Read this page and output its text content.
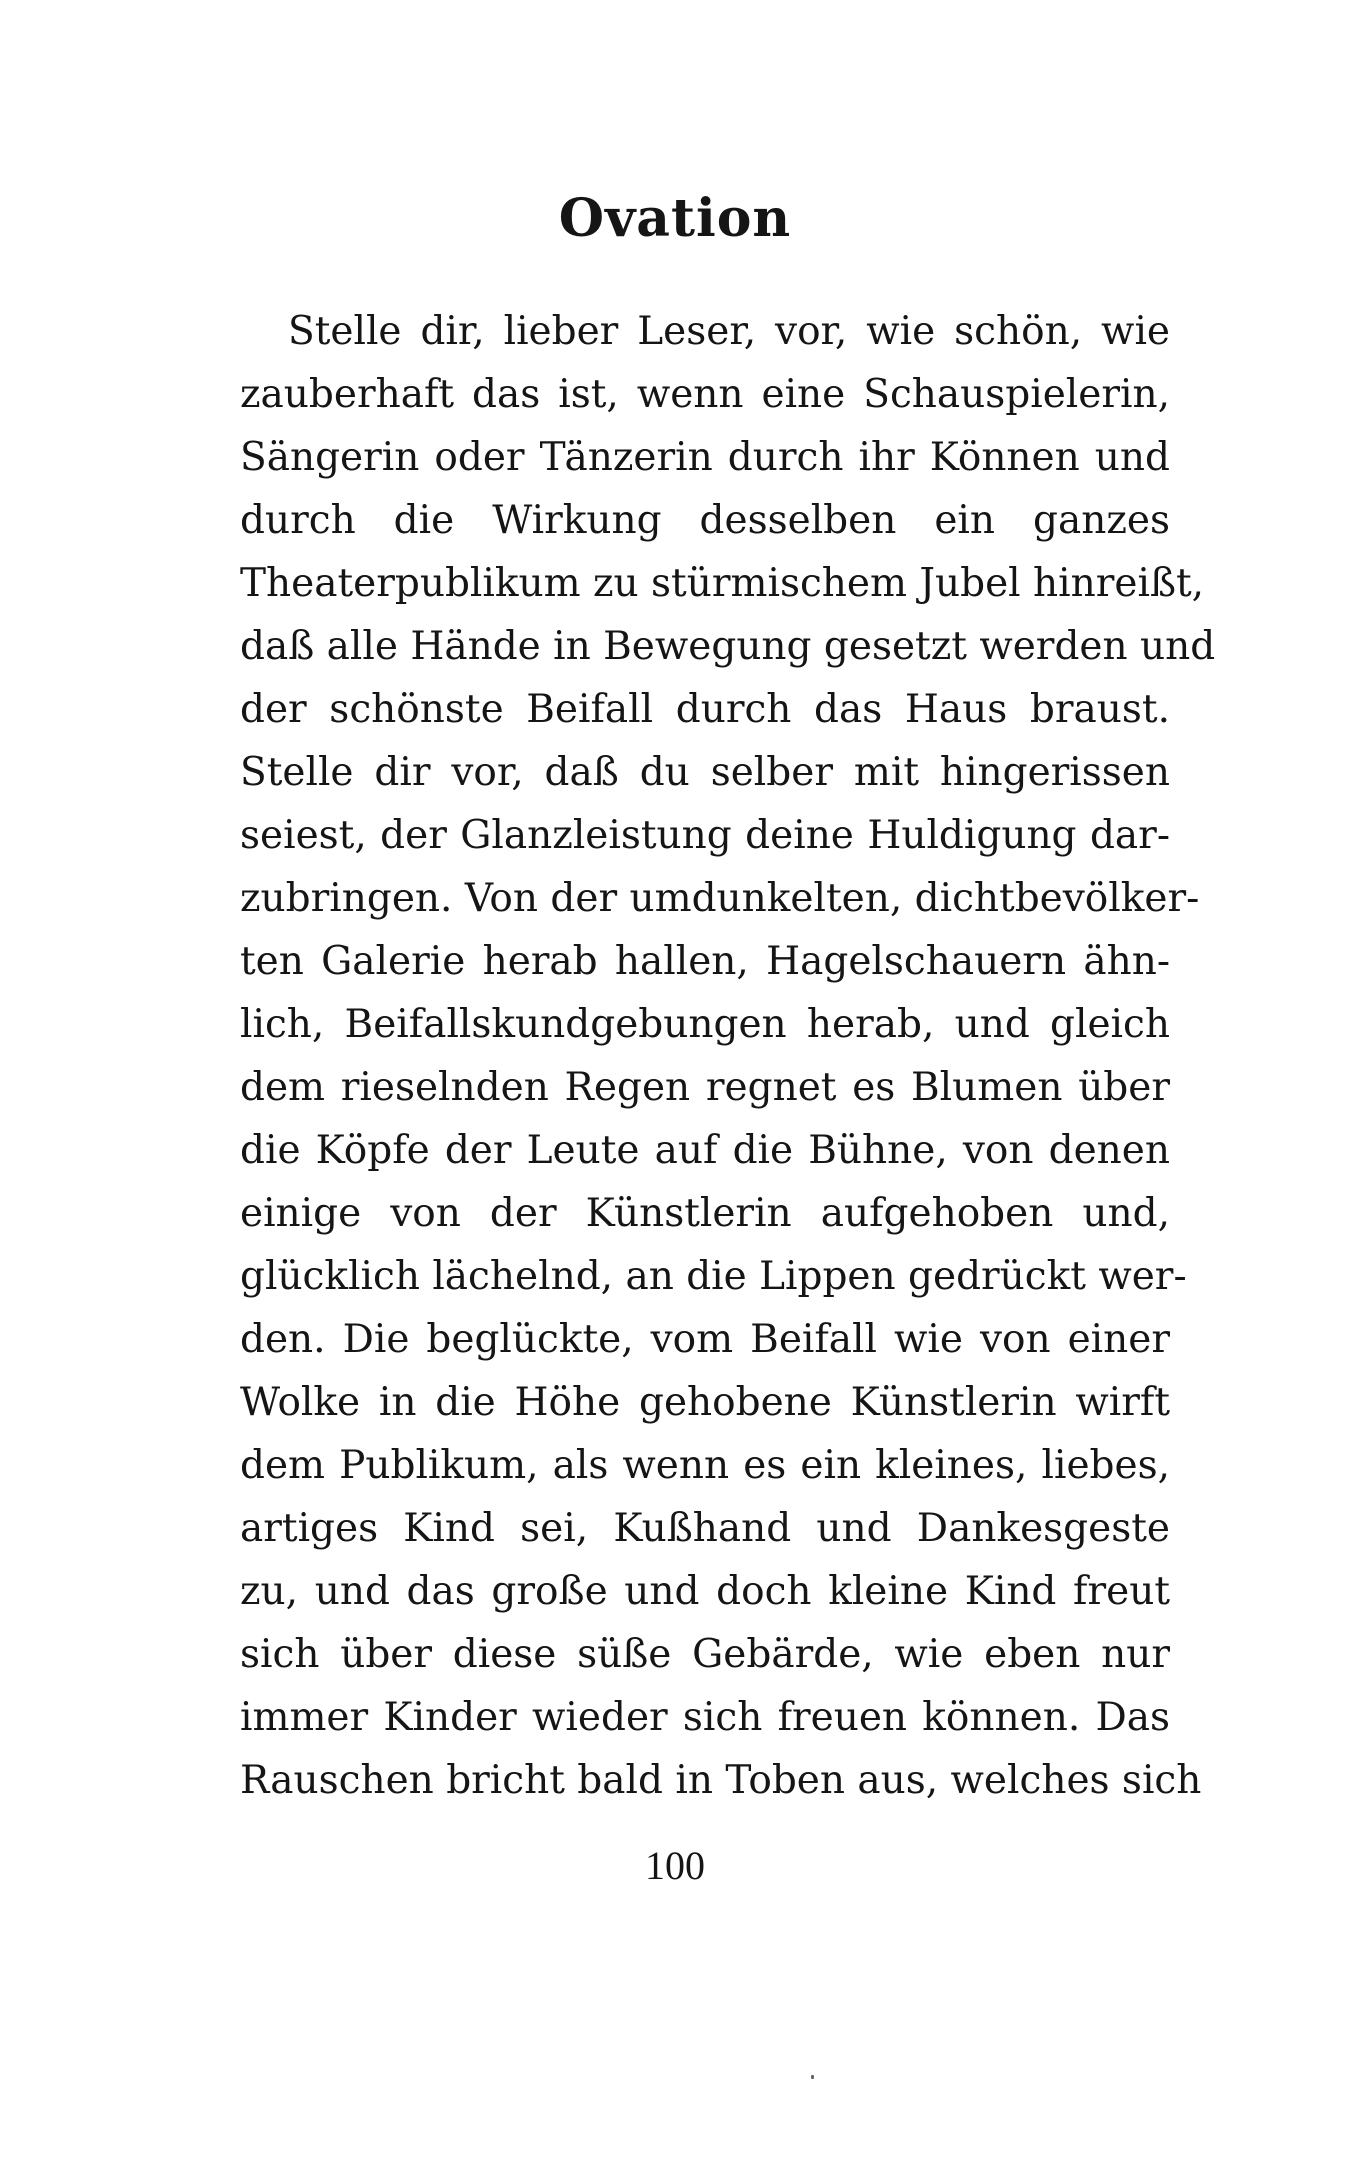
Ovation
Stelle dir, lieber Leser, vor, wie schön, wie
zauberhaft das ist, wenn eine Schauspielerin,
Sängerin oder Tänzerin durch ihr Können und
durch die Wirkung desselben ein ganzes
Theaterpublikum zu stürmischem Jubel hinreißt,
daß alle Hände in Bewegung gesetzt werden und
der schönste Beifall durch das Haus braust.
Stelle dir vor, daß du selber mit hingerissen
seiest, der Glanzleistung deine Huldigung dar-
zubringen. Von der umdunkelten, dichtbevölker-
ten Galerie herab hallen, Hagelschauern ähn-
lich, Beifallskundgebungen herab, und gleich
dem rieselnden Regen regnet es Blumen über
die Köpfe der Leute auf die Bühne, von denen
einige von der Künstlerin aufgehoben und,
glücklich lächelnd, an die Lippen gedrückt wer-
den. Die beglückte, vom Beifall wie von einer
Wolke in die Höhe gehobene Künstlerin wirft
dem Publikum, als wenn es ein kleines, liebes,
artiges Kind sei, Kußhand und Dankesgeste
zu, und das große und doch kleine Kind freut
sich über diese süße Gebärde, wie eben nur
immer Kinder wieder sich freuen können. Das
Rauschen bricht bald in Toben aus, welches sich
100
